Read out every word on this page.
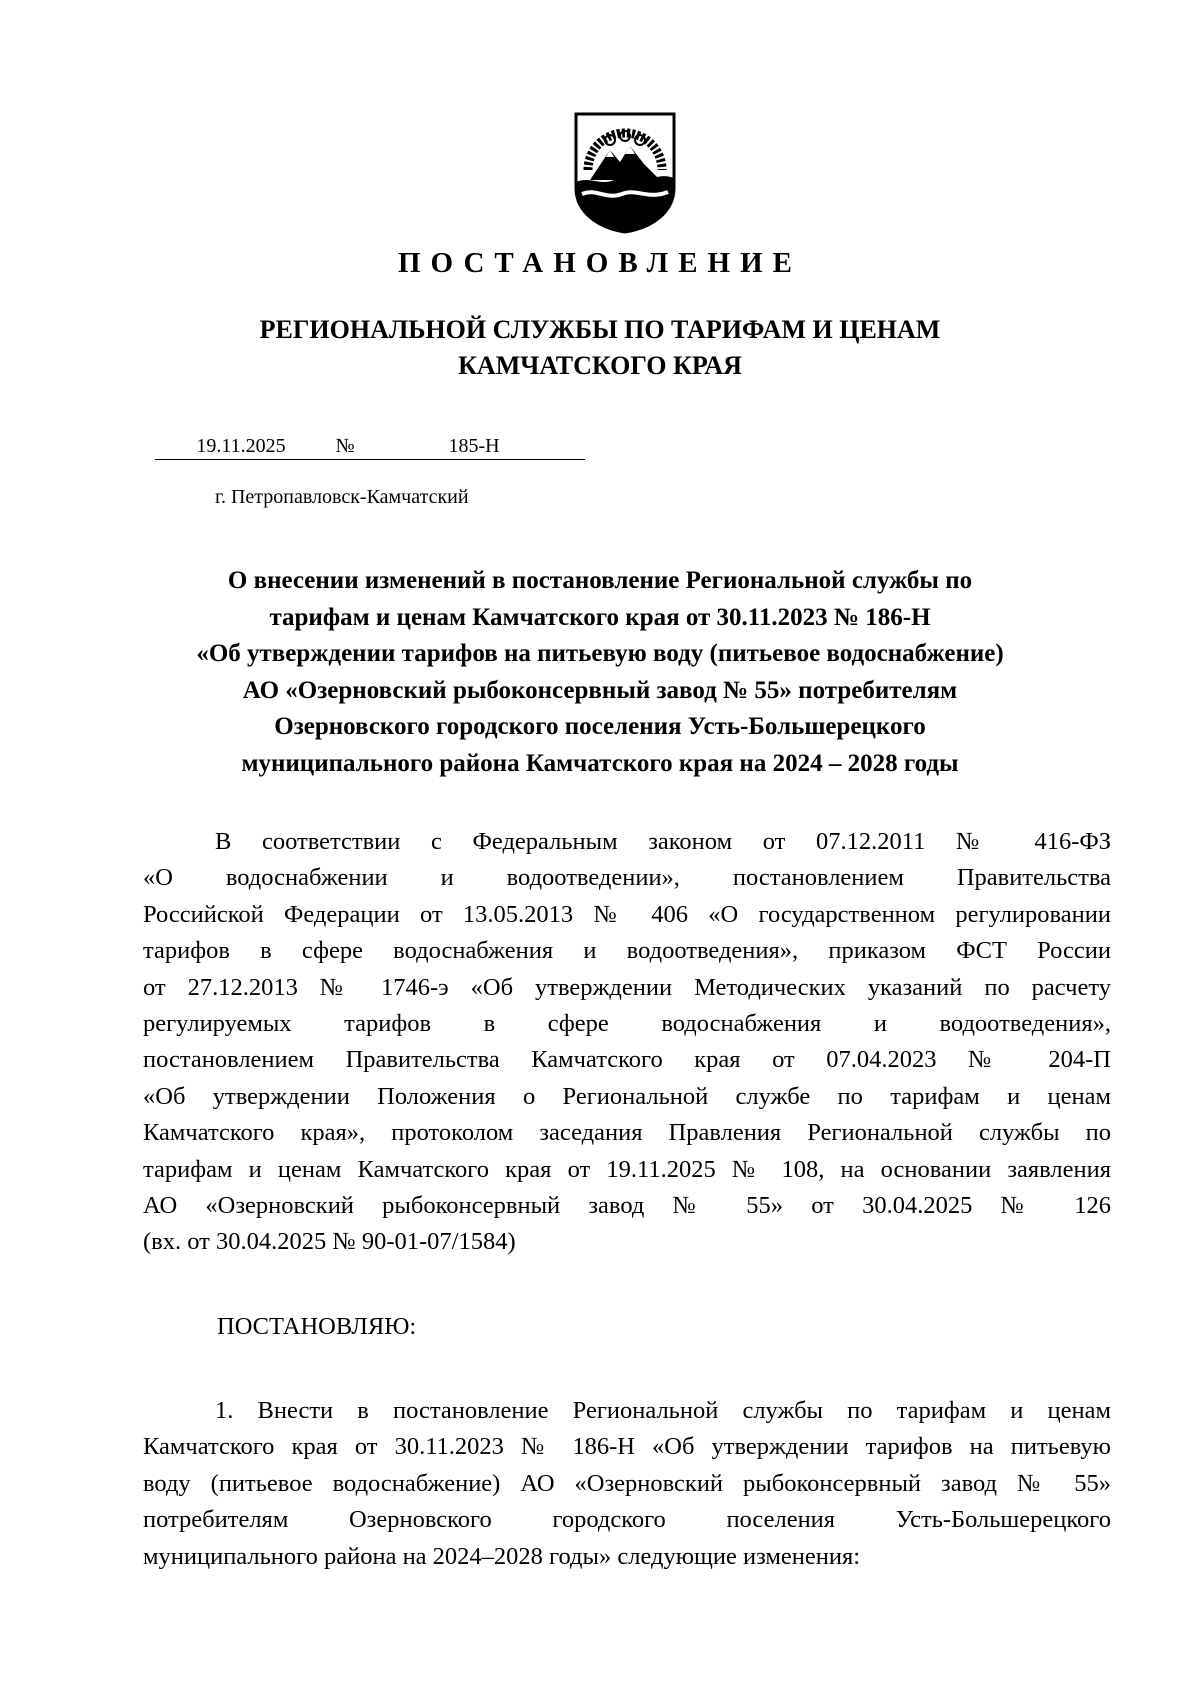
ПОСТАНОВЛЕНИЕ
РЕГИОНАЛЬНОЙ СЛУЖБЫ ПО ТАРИФАМ И ЦЕНАМ
КАМЧАТСКОГО КРАЯ
19.11.2025 №	185-Н
г. Петропавловск-Камчатский
О внесении изменений в постановление Региональной службы по
тарифам и ценам Камчатского края от 30.11.2023 № 186-Н
«Об утверждении тарифов на питьевую воду (питьевое водоснабжение)
АО «Озерновский рыбоконсервный завод № 55» потребителям
Озерновского городского поселения Усть-Большерецкого
муниципального района Камчатского края на 2024 – 2028 годы
В соответствии с Федеральным законом от 07.12.2011 № 416-ФЗ
«О водоснабжении и водоотведении», постановлением Правительства
Российской Федерации от 13.05.2013 № 406 «О государственном регулировании
тарифов в сфере водоснабжения и водоотведения», приказом ФСТ России
от 27.12.2013 № 1746-э «Об утверждении Методических указаний по расчету
регулируемых тарифов в сфере водоснабжения и водоотведения»,
постановлением Правительства Камчатского края от 07.04.2023 № 204-П
«Об утверждении Положения о Региональной службе по тарифам и ценам
Камчатского края», протоколом заседания Правления Региональной службы по
тарифам и ценам Камчатского края от 19.11.2025 № 108, на основании заявления
АО «Озерновский рыбоконсервный завод № 55» от 30.04.2025 № 126
(вх. от 30.04.2025 № 90-01-07/1584)
ПОСТАНОВЛЯЮ:
1. Внести в постановление Региональной службы по тарифам и ценам
Камчатского края от 30.11.2023 № 186-Н «Об утверждении тарифов на питьевую
воду (питьевое водоснабжение) АО «Озерновский рыбоконсервный завод № 55»
потребителям Озерновского городского поселения Усть-Большерецкого
муниципального района на 2024–2028 годы» следующие изменения:
